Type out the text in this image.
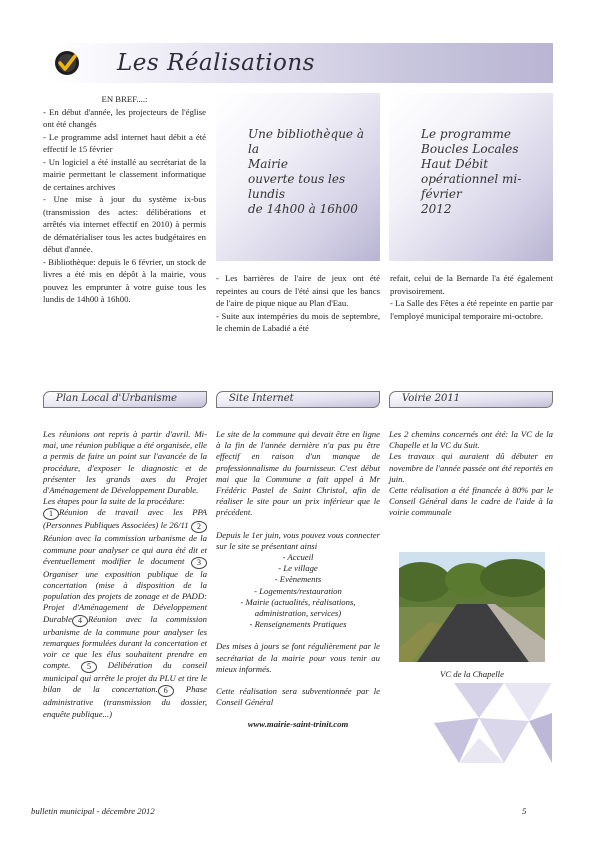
Les Réalisations

EN BREF....:

- En début d'année, les projecteurs de l'église ont été changés

- Le programme adsl internet haut débit a été effectif le 15 février

- Un logiciel a été installé au secrétariat de la mairie permettant le classement informatique de certaines archives

- Une mise à jour du système ix-bus (transmission des actes: délibérations et arrêtés via internet effectif en 2010) à permis de dématérialiser tous les actes budgétaires en début d'année.

- Bibliothèque: depuis le 6 février, un stock de livres a été mis en dépôt à la mairie, vous pouvez les emprunter à votre guise tous les lundis de 14h00 à 16h00.

Une bibliothèque à la
Mairie
ouverte tous les lundis
de 14h00 à 16h00
Le programme
Boucles Locales
Haut Débit
opérationnel mi-février
2012

- Les barrières de l'aire de jeux ont été repeintes au cours de l'été ainsi que les bancs de l'aire de pique nique au Plan d'Eau.

- Suite aux intempéries du mois de septembre, le chemin de Labadié a été

refait, celui de la Bernarde l'a été également provisoirement.

- La Salle des Fêtes a été repeinte en partie par l'employé municipal temporaire mi-octobre.

Plan Local d'Urbanisme	Site Internet	Voirie 2011

Les réunions ont repris à partir d'avril. Mi-mai, une réunion publique a été organisée, elle a permis de faire un point sur l'avancée de la procédure, d'exposer le diagnostic et de présenter les grands axes du Projet d'Aménagement de Développement Durable.

Les étapes pour la suite de la procédure:

1 Réunion de travail avec les PPA (Personnes Publiques Associées) le 26/11 2 Réunion avec la commission urbanisme de la commune pour analyser ce qui aura été dit et éventuellement modifier le document 3 Organiser une exposition publique de la concertation (mise à disposition de la population des projets de zonage et de PADD: Projet d'Aménagement de Développement Durable 4 Réunion avec la commission urbanisme de la commune pour analyser les remarques formulées durant la concertation et voir ce que les élus souhaitent prendre en compte. 5 Délibération du conseil municipal qui arrête le projet du PLU et tire le bilan de la concertation. 6 Phase administrative (transmission du dossier, enquête publique...)

Le site de la commune qui devait être en ligne à la fin de l'année dernière n'a pas pu être effectif en raison d'un manque de professionnalisme du fournisseur. C'est début mai que la Commune a fait appel à Mr Frédéric Pastel de Saint Christol, afin de réaliser le site pour un prix inférieur que le précédent.

Depuis le 1er juin, vous pouvez vous connecter sur le site se présentant ainsi

- Accueil

- Le village

- Evènements

- Logements/restauration

- Mairie (actualités, réalisations, administration, services)

- Renseignements Pratiques

Des mises à jours se font régulièrement par le secrétariat de la mairie pour vous tenir au mieux informés.

Cette réalisation sera subventionnée par le Conseil Général

www.mairie-saint-trinit.com

Les 2 chemins concernés ont été: la VC de la Chapelle et la VC du Suit.

Les travaux qui auraient dû débuter en novembre de l'année passée ont été reportés en juin.

Cette réalisation a été financée à 80% par le Conseil Général dans le cadre de l'aide à la voirie communale

VC de la Chapelle
bulletin municipal - décembre 2012	5
